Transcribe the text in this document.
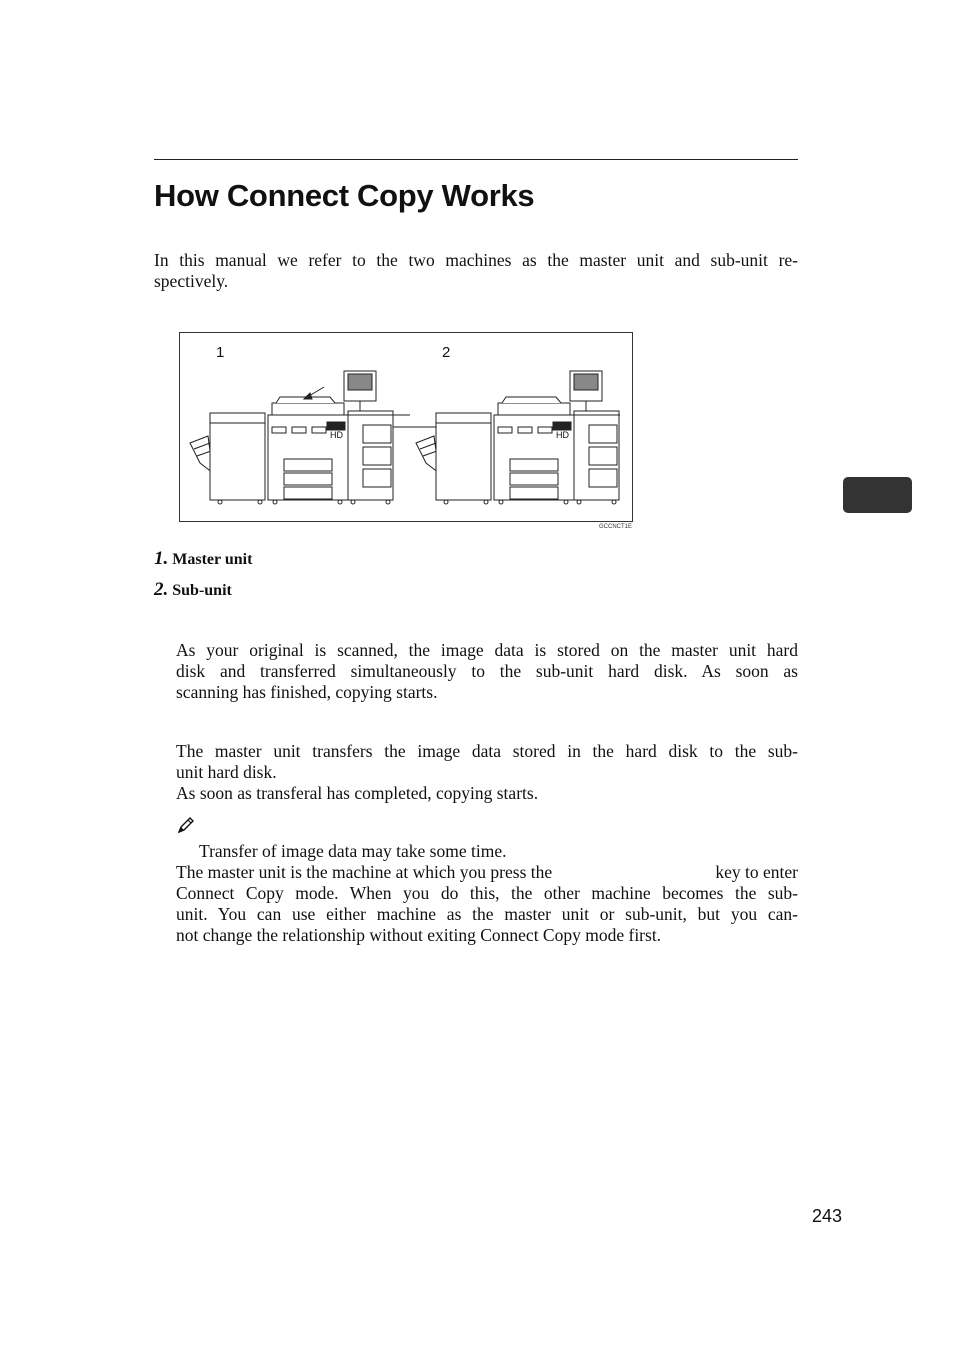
How Connect Copy Works
In this manual we refer to the two machines as the master unit and sub-unit re-
spectively.
1	2
HD	HD
GCCNCT1E
1. Master unit
2. Sub-unit
As your original is scanned, the image data is stored on the master unit hard
disk and transferred simultaneously to the sub-unit hard disk. As soon as
scanning has finished, copying starts.
The master unit transfers the image data stored in the hard disk to the sub-
unit hard disk.
As soon as transferal has completed, copying starts.
Transfer of image data may take some time.
The master unit is the machine at which you press the	key to enter
Connect Copy mode. When you do this, the other machine becomes the sub-
unit. You can use either machine as the master unit or sub-unit, but you can-
not change the relationship without exiting Connect Copy mode first.
243
